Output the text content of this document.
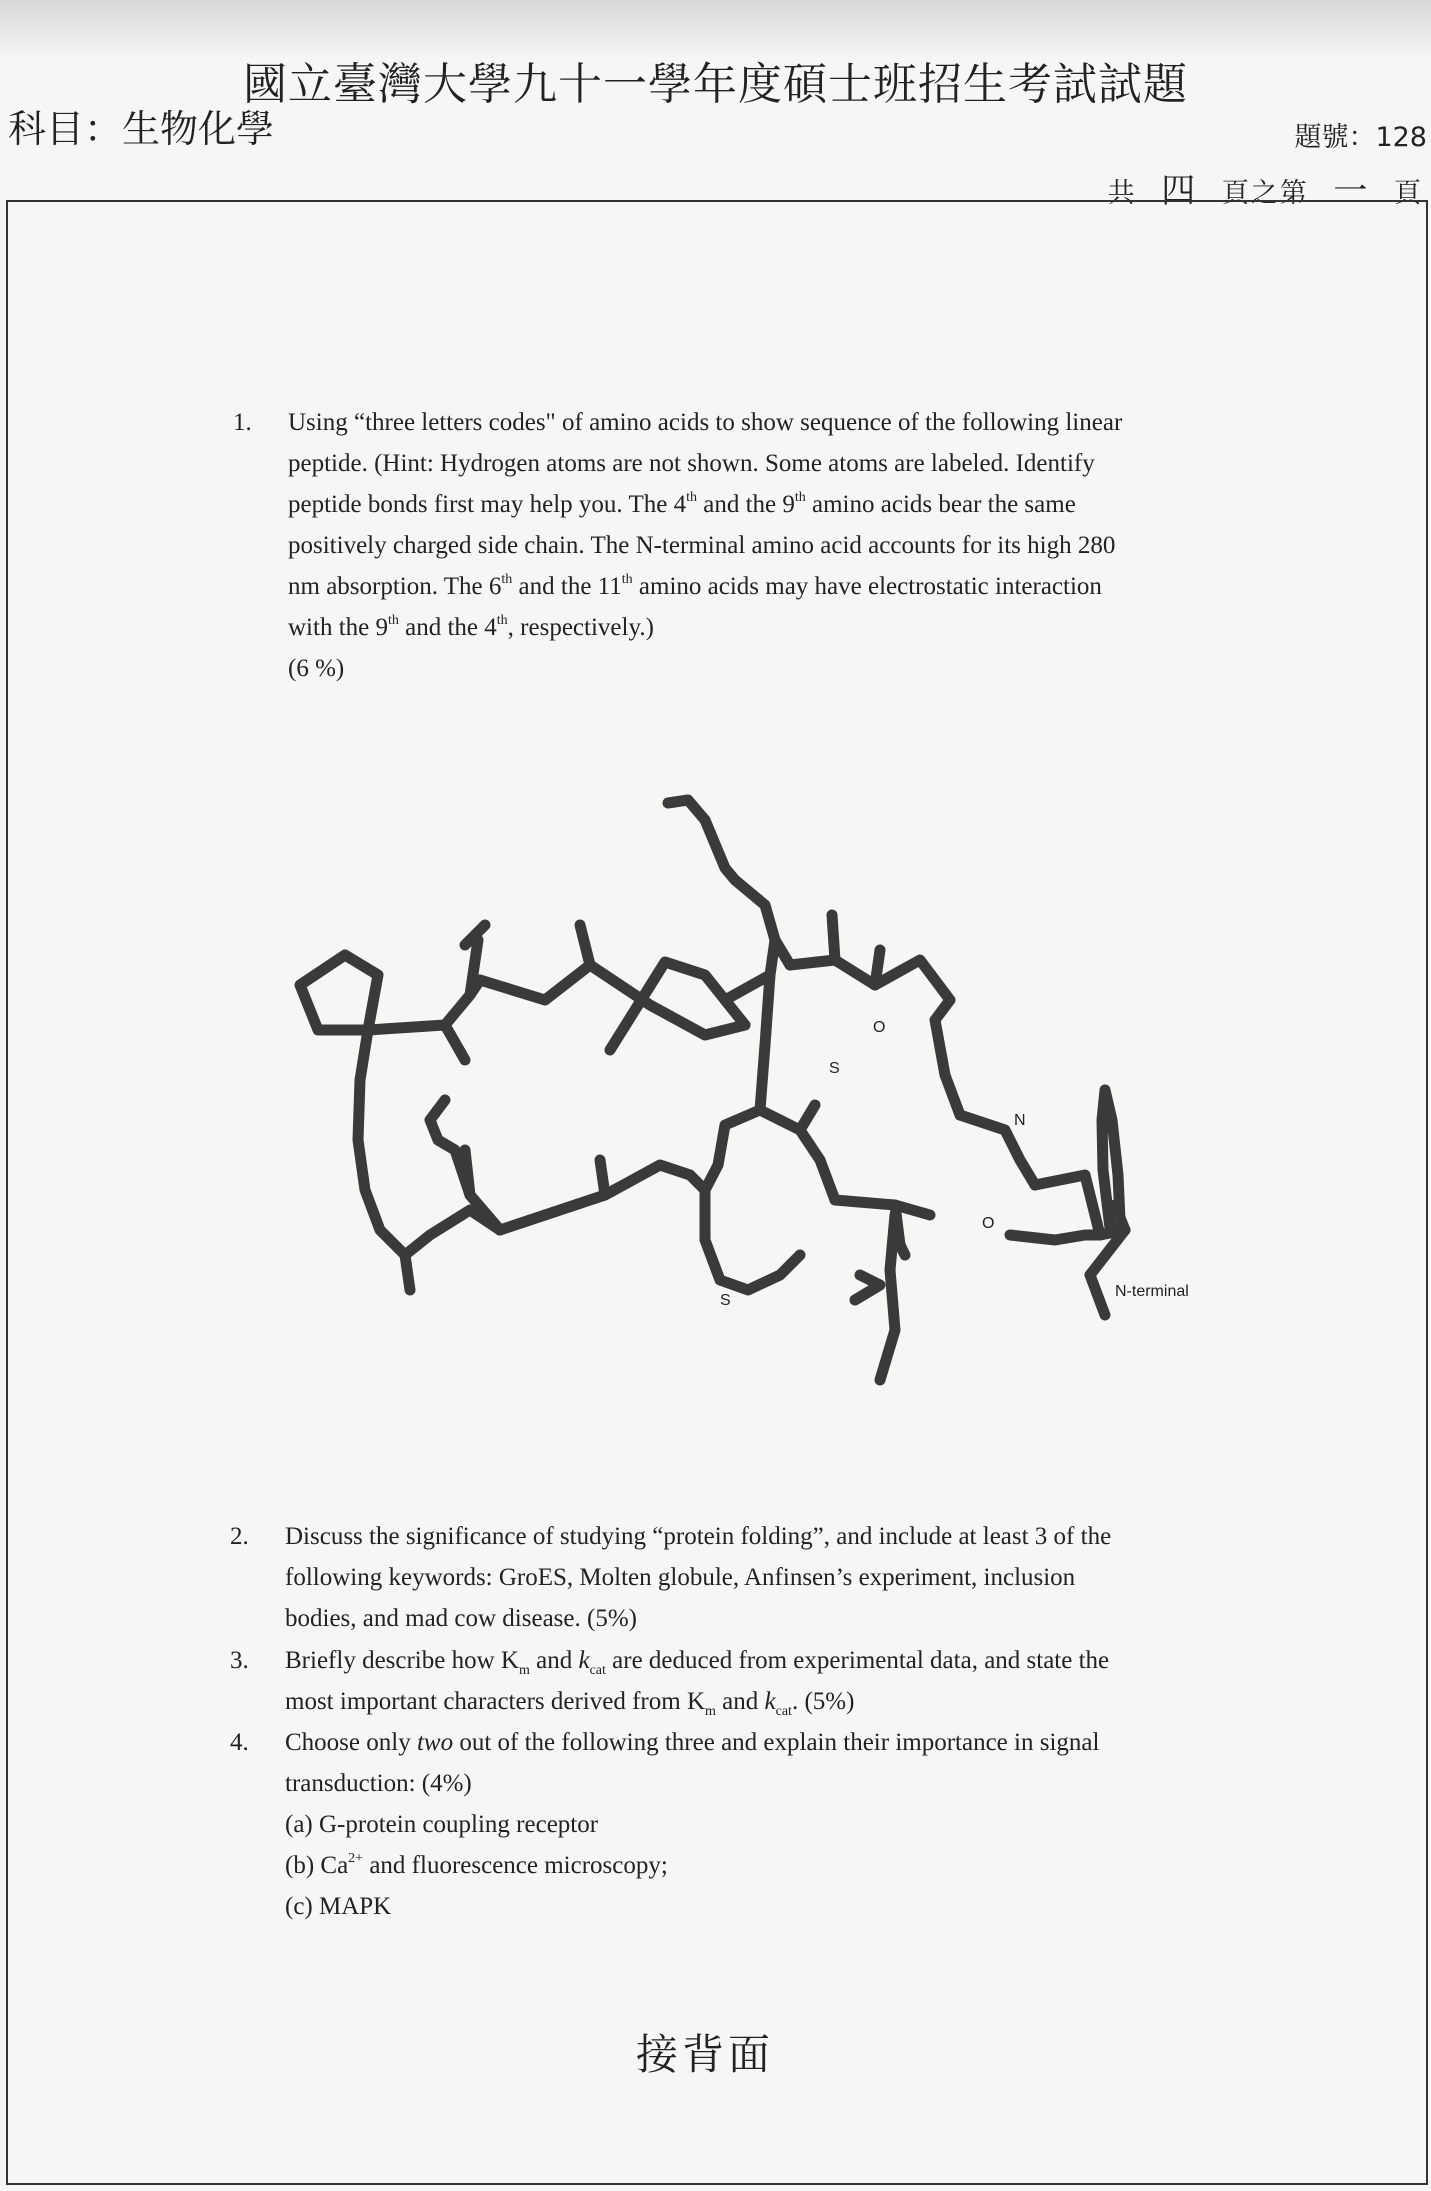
國立臺灣大學九十一學年度碩士班招生考試試題
科目：生物化學	題號：128
共 四 頁之第 一 頁
1. Using “three letters codes" of amino acids to show sequence of the following linear
peptide. (Hint: Hydrogen atoms are not shown. Some atoms are labeled. Identify
peptide bonds first may help you. The 4th and the 9th amino acids bear the same
positively charged side chain. The N-terminal amino acid accounts for its high 280
nm absorption. The 6th and the 11th amino acids may have electrostatic interaction
with the 9th and the 4th, respectively.)
(6 %)
O
S
N
O
S
N-terminal
2. Discuss the significance of studying “protein folding”, and include at least 3 of the
following keywords: GroES, Molten globule, Anfinsen’s experiment, inclusion
bodies, and mad cow disease. (5%)
3. Briefly describe how $K_m$ and $k_{cat}$ are deduced from experimental data, and state the
most important characters derived from $K_m$ and $k_{cat}$. (5%)
4. Choose only two out of the following three and explain their importance in signal
transduction: (4%)
(a) G-protein coupling receptor
(b) $Ca^{2+}$ and fluorescence microscopy;
(c) MAPK
接背面
